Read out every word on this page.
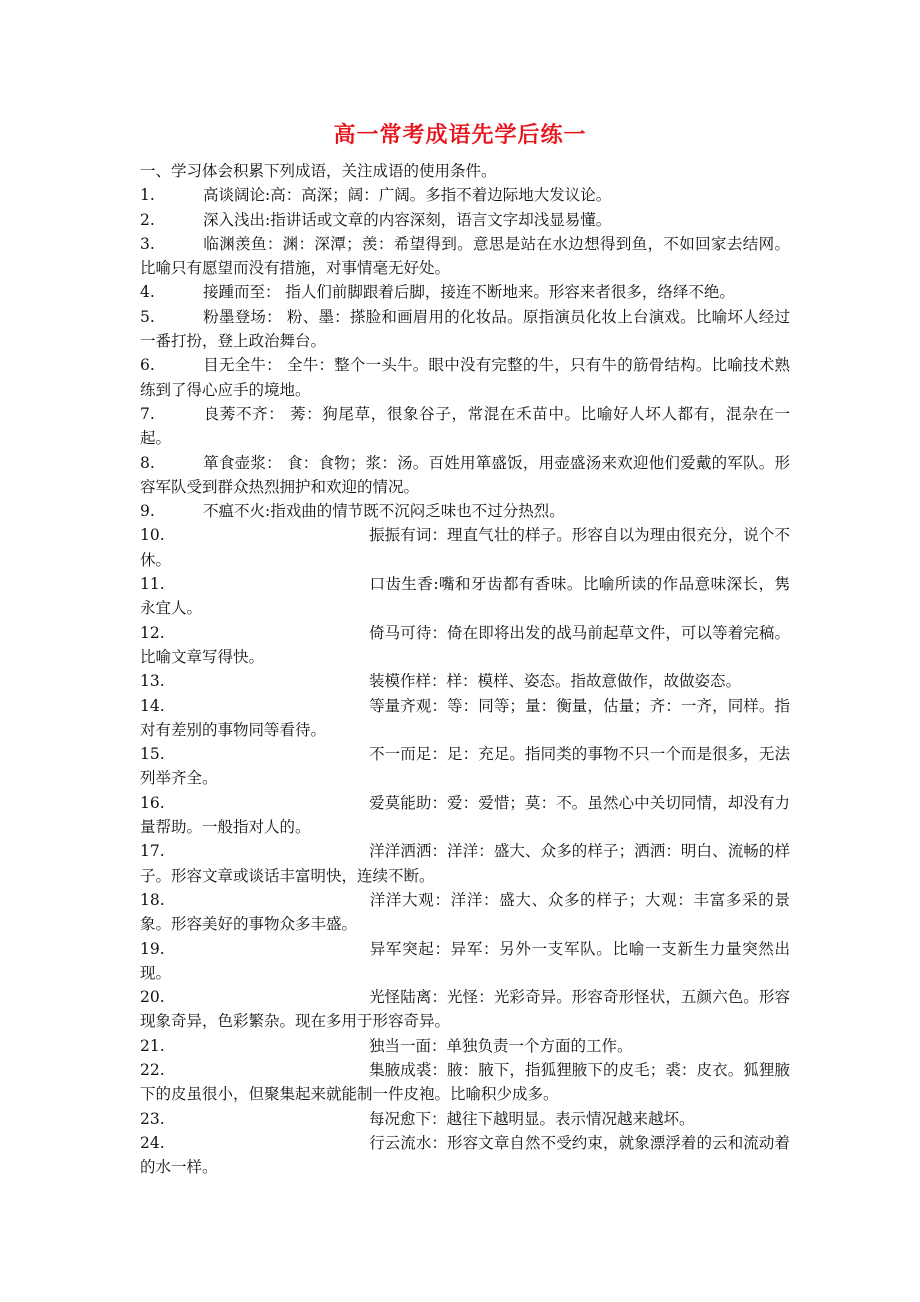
高一常考成语先学后练一

一、学习体会积累下列成语，关注成语的使用条件。

1.	高谈阔论:高：高深；阔：广阔。多指不着边际地大发议论。

2.	深入浅出:指讲话或文章的内容深刻，语言文字却浅显易懂。

3.	临渊羡鱼：渊：深潭；羡：希望得到。意思是站在水边想得到鱼，不如回家去结网。比喻只有愿望而没有措施，对事情毫无好处。

4.	接踵而至： 指人们前脚跟着后脚，接连不断地来。形容来者很多，络绎不绝。

5.	粉墨登场： 粉、墨：搽脸和画眉用的化妆品。原指演员化妆上台演戏。比喻坏人经过一番打扮，登上政治舞台。

6.	目无全牛： 全牛：整个一头牛。眼中没有完整的牛，只有牛的筋骨结构。比喻技术熟练到了得心应手的境地。

7.	良莠不齐： 莠：狗尾草，很象谷子，常混在禾苗中。比喻好人坏人都有，混杂在一起。

8.	箪食壶浆： 食：食物；浆：汤。百姓用箪盛饭，用壶盛汤来欢迎他们爱戴的军队。形容军队受到群众热烈拥护和欢迎的情况。

9.	不瘟不火:指戏曲的情节既不沉闷乏味也不过分热烈。

10.	振振有词：理直气壮的样子。形容自以为理由很充分，说个不休。

11.	口齿生香:嘴和牙齿都有香味。比喻所读的作品意味深长，隽永宜人。

12.	倚马可待：倚在即将出发的战马前起草文件，可以等着完稿。比喻文章写得快。

13.	装模作样：样：模样、姿态。指故意做作，故做姿态。

14.	等量齐观：等：同等；量：衡量，估量；齐：一齐，同样。指对有差别的事物同等看待。

15.	不一而足：足：充足。指同类的事物不只一个而是很多，无法列举齐全。

16.	爱莫能助：爱：爱惜；莫：不。虽然心中关切同情，却没有力量帮助。一般指对人的。

17.	洋洋洒洒：洋洋：盛大、众多的样子；洒洒：明白、流畅的样子。形容文章或谈话丰富明快，连续不断。

18.	洋洋大观：洋洋：盛大、众多的样子；大观：丰富多采的景象。形容美好的事物众多丰盛。

19.	异军突起：异军：另外一支军队。比喻一支新生力量突然出现。

20.	光怪陆离：光怪：光彩奇异。形容奇形怪状，五颜六色。形容现象奇异，色彩繁杂。现在多用于形容奇异。

21.	独当一面：单独负责一个方面的工作。

22.	集腋成裘：腋：腋下，指狐狸腋下的皮毛；裘：皮衣。狐狸腋下的皮虽很小，但聚集起来就能制一件皮袍。比喻积少成多。

23.	每况愈下：越往下越明显。表示情况越来越坏。

24.	行云流水：形容文章自然不受约束，就象漂浮着的云和流动着的水一样。
